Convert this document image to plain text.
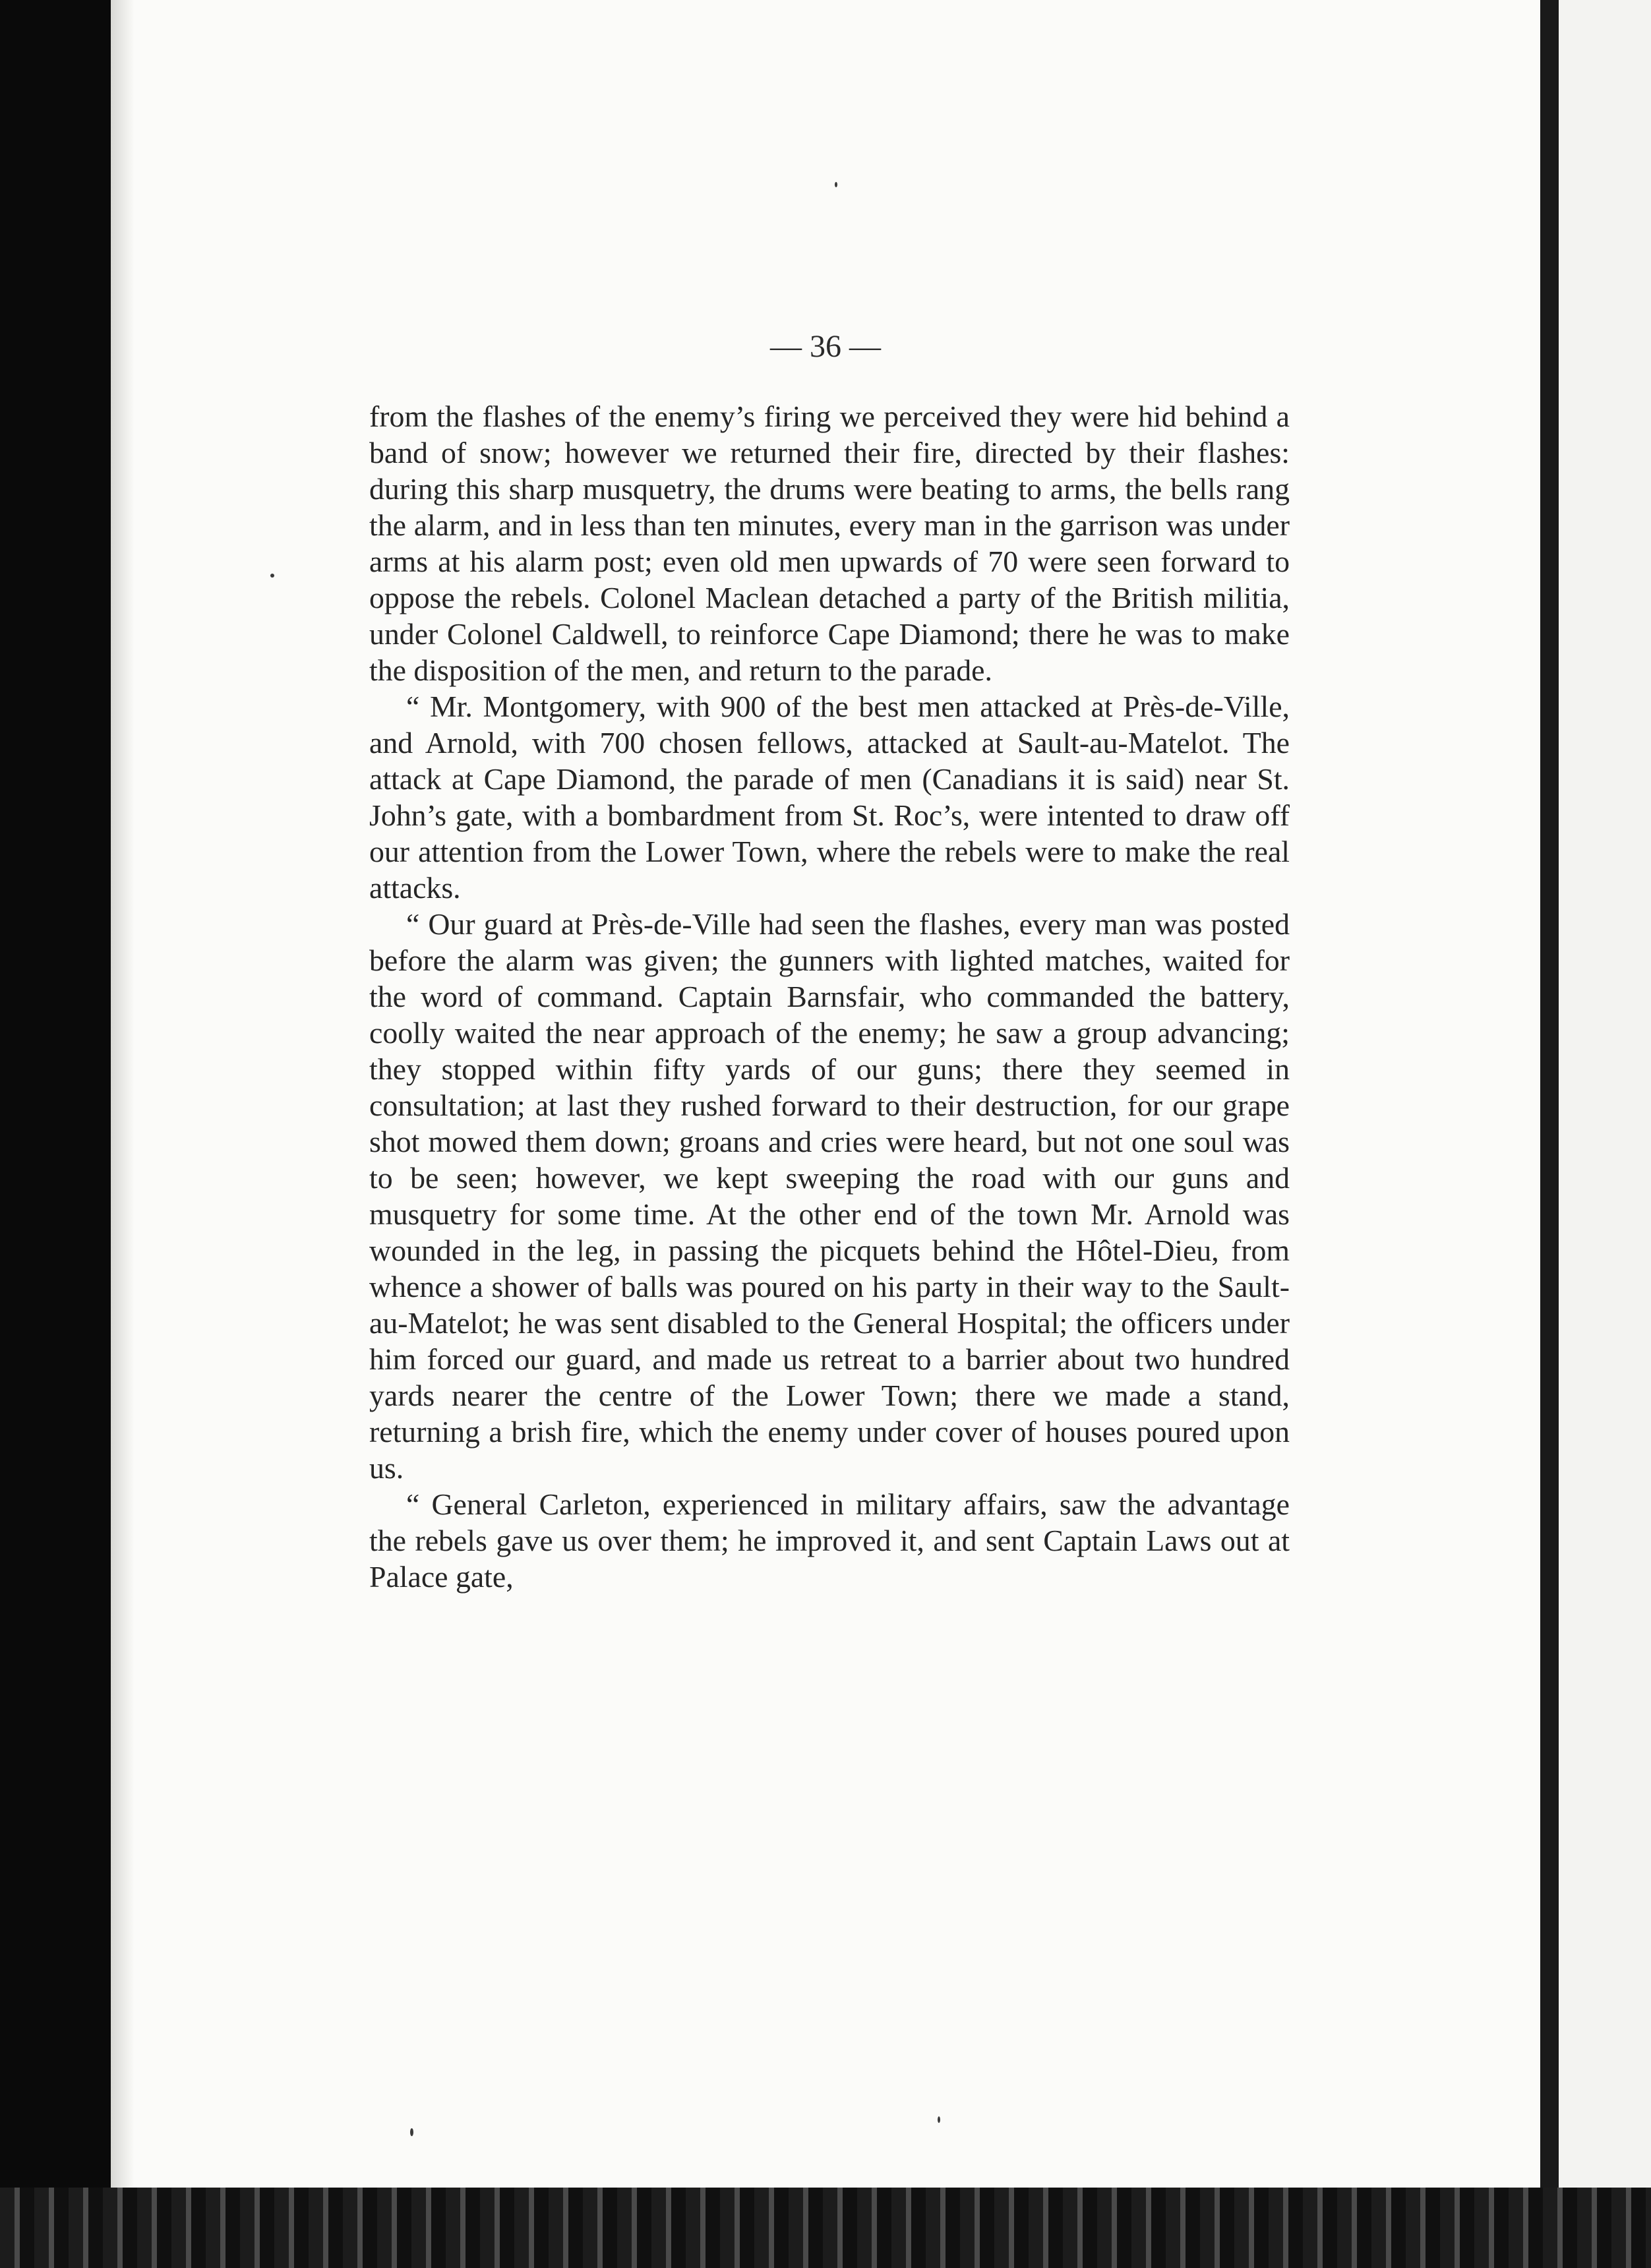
— 36 —

from the flashes of the enemy’s firing we perceived they were hid behind a band of snow; however we returned their fire, directed by their flashes: during this sharp musquetry, the drums were beating to arms, the bells rang the alarm, and in less than ten minutes, every man in the garrison was under arms at his alarm post; even old men upwards of 70 were seen forward to oppose the rebels. Colonel Maclean detached a party of the British militia, under Colonel Caldwell, to reinforce Cape Diamond; there he was to make the disposition of the men, and return to the parade.

“ Mr. Montgomery, with 900 of the best men attacked at Près-de-Ville, and Arnold, with 700 chosen fellows, attacked at Sault-au-Matelot. The attack at Cape Diamond, the parade of men (Canadians it is said) near St. John’s gate, with a bombardment from St. Roc’s, were intented to draw off our attention from the Lower Town, where the rebels were to make the real attacks.

“ Our guard at Près-de-Ville had seen the flashes, every man was posted before the alarm was given; the gunners with lighted matches, waited for the word of command. Captain Barnsfair, who commanded the battery, coolly waited the near approach of the enemy; he saw a group advancing; they stopped within fifty yards of our guns; there they seemed in consultation; at last they rushed forward to their destruction, for our grape shot mowed them down; groans and cries were heard, but not one soul was to be seen; however, we kept sweeping the road with our guns and musquetry for some time. At the other end of the town Mr. Arnold was wounded in the leg, in passing the picquets behind the Hôtel-Dieu, from whence a shower of balls was poured on his party in their way to the Sault-au-Matelot; he was sent disabled to the General Hospital; the officers under him forced our guard, and made us retreat to a barrier about two hundred yards nearer the centre of the Lower Town; there we made a stand, returning a brish fire, which the enemy under cover of houses poured upon us.

“ General Carleton, experienced in military affairs, saw the advantage the rebels gave us over them; he improved it, and sent Captain Laws out at Palace gate,
